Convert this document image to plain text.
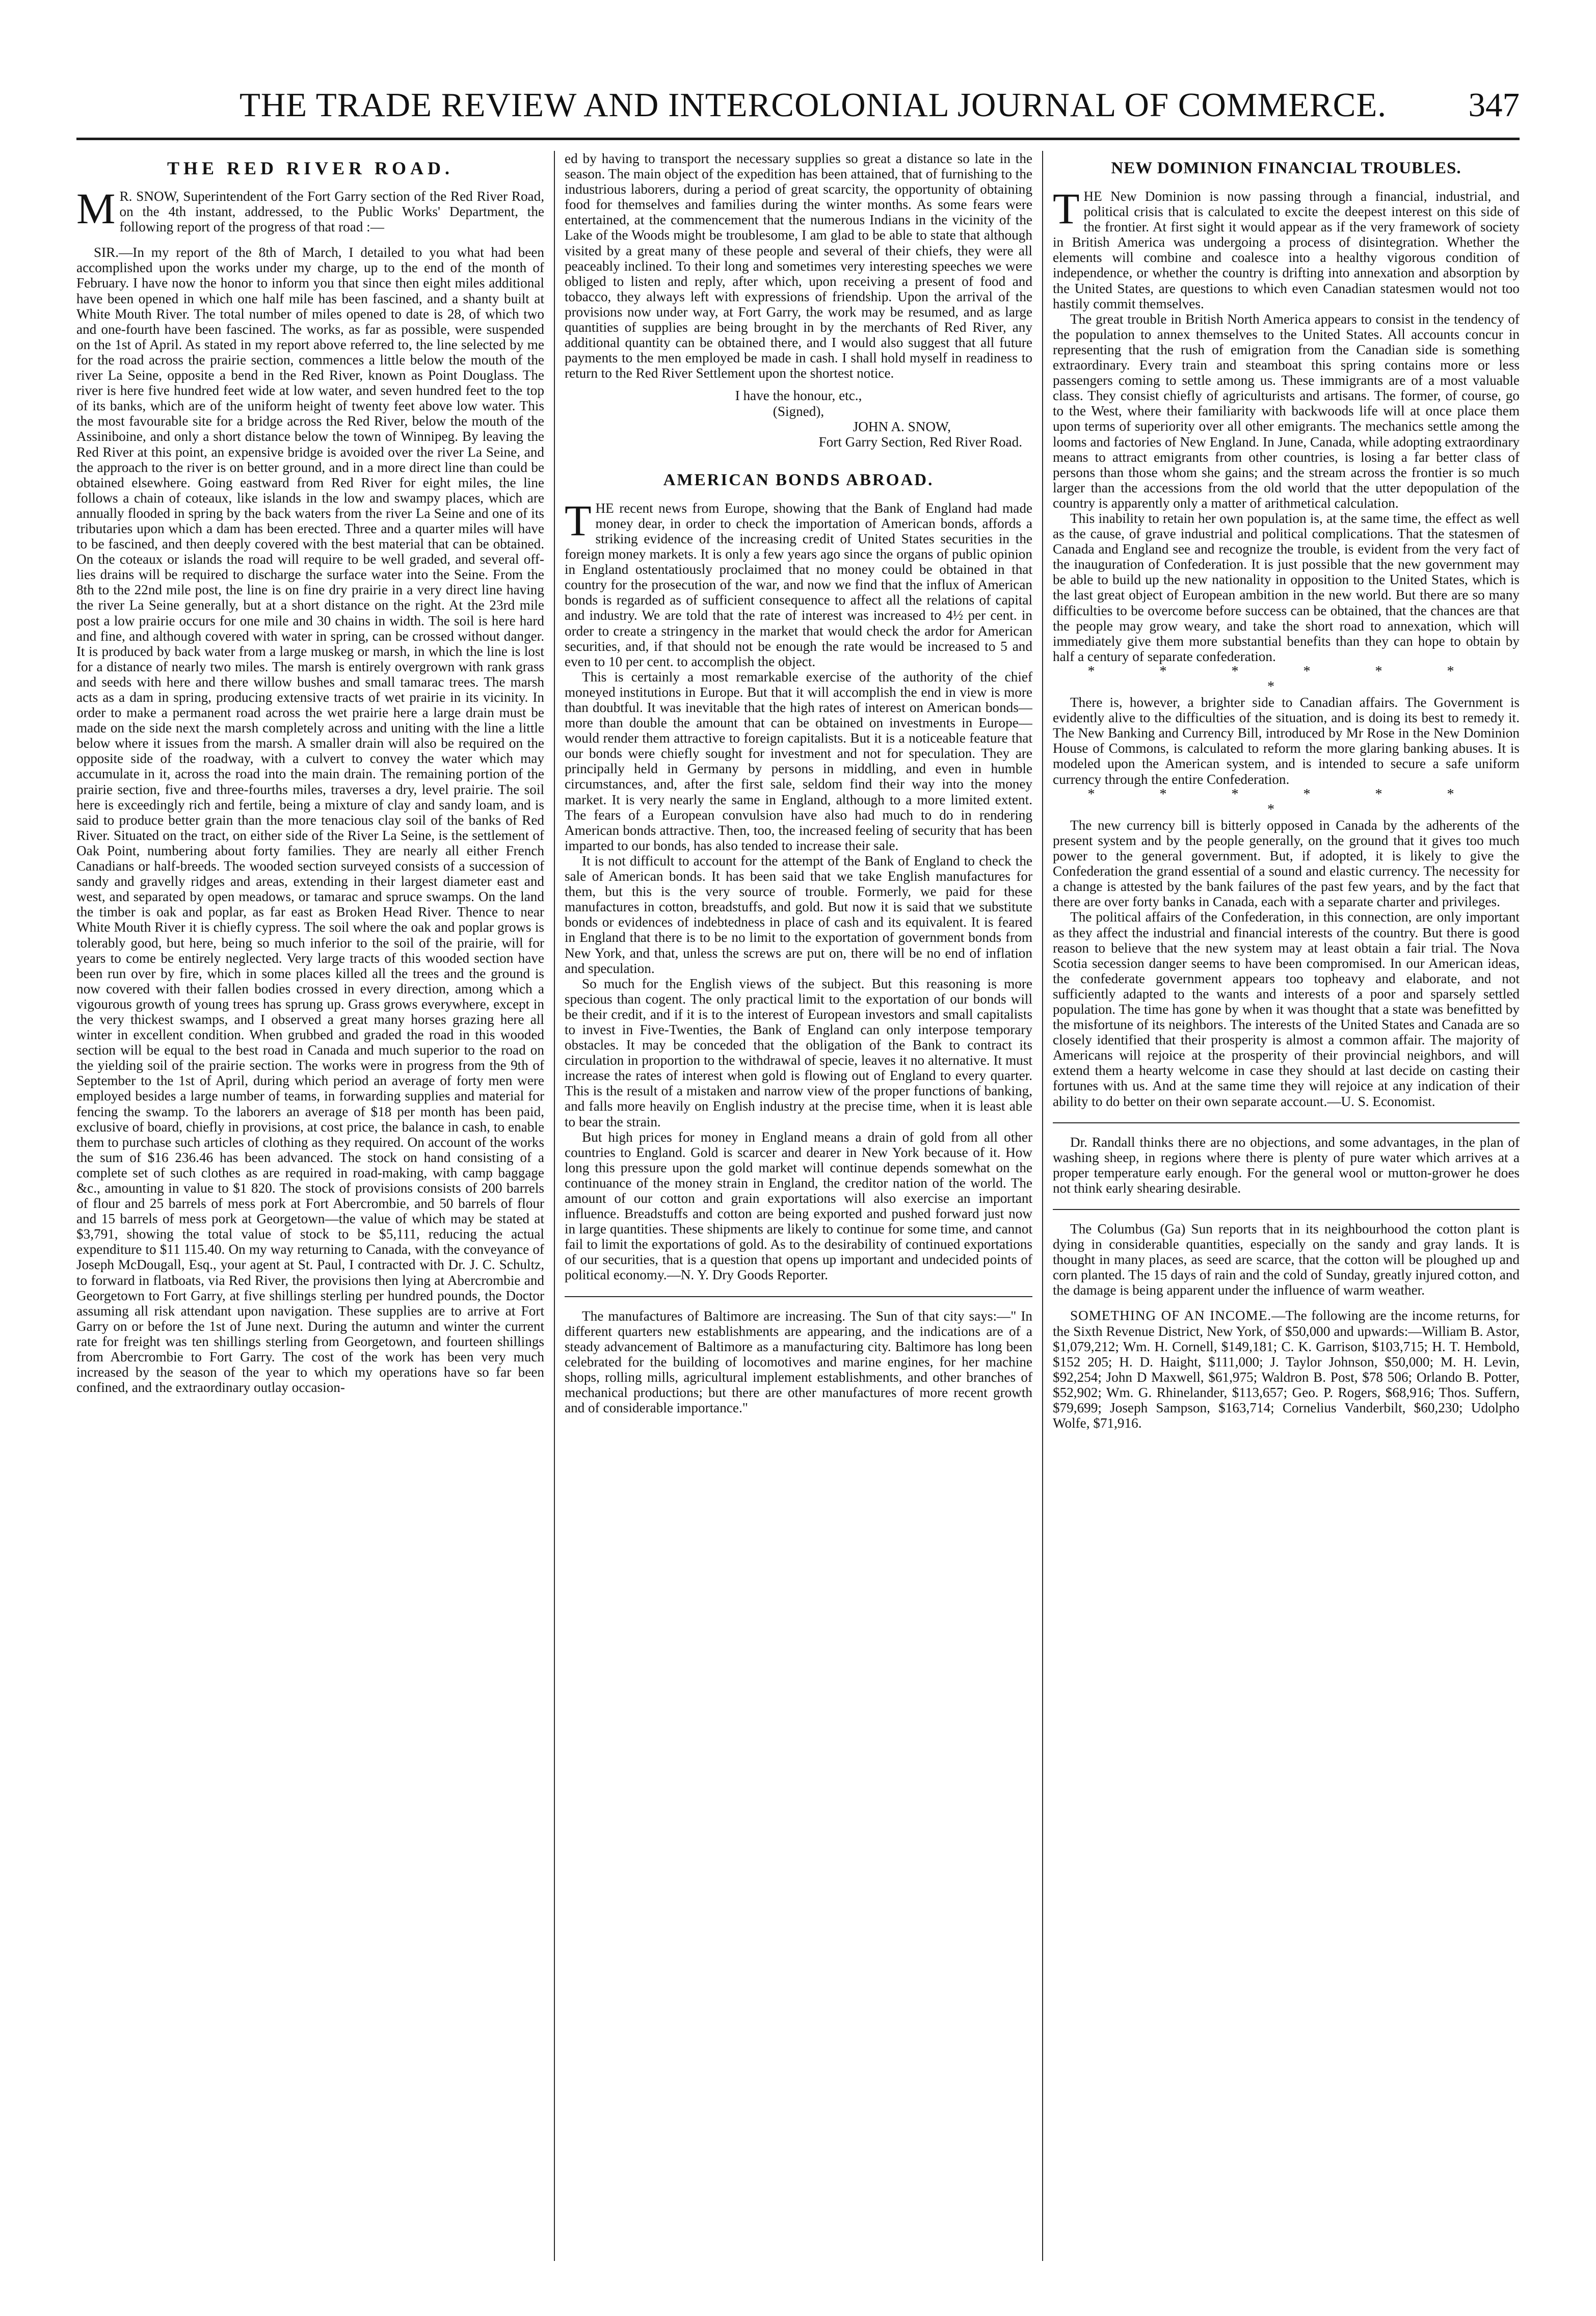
THE TRADE REVIEW AND INTERCOLONIAL JOURNAL OF COMMERCE. 347
THE RED RIVER ROAD.

M R. SNOW, Superintendent of the Fort Garry section of the Red River Road, on the 4th instant, addressed, to the Public Works' Department, the following report of the progress of that road :—

SIR.—In my report of the 8th of March, I detailed to you what had been accomplished upon the works under my charge, up to the end of the month of February. I have now the honor to inform you that since then eight miles additional have been opened in which one half mile has been fascined, and a shanty built at White Mouth River. The total number of miles opened to date is 28, of which two and one-fourth have been fascined. The works, as far as possible, were suspended on the 1st of April. As stated in my report above referred to, the line selected by me for the road across the prairie section, commences a little below the mouth of the river La Seine, opposite a bend in the Red River, known as Point Douglass. The river is here five hundred feet wide at low water, and seven hundred feet to the top of its banks, which are of the uniform height of twenty feet above low water. This the most favourable site for a bridge across the Red River, below the mouth of the Assiniboine, and only a short distance below the town of Winnipeg. By leaving the Red River at this point, an expensive bridge is avoided over the river La Seine, and the approach to the river is on better ground, and in a more direct line than could be obtained elsewhere. Going eastward from Red River for eight miles, the line follows a chain of coteaux, like islands in the low and swampy places, which are annually flooded in spring by the back waters from the river La Seine and one of its tributaries upon which a dam has been erected. Three and a quarter miles will have to be fascined, and then deeply covered with the best material that can be obtained. On the coteaux or islands the road will require to be well graded, and several off-lies drains will be required to discharge the surface water into the Seine. From the 8th to the 22nd mile post, the line is on fine dry prairie in a very direct line having the river La Seine generally, but at a short distance on the right. At the 23rd mile post a low prairie occurs for one mile and 30 chains in width. The soil is here hard and fine, and although covered with water in spring, can be crossed without danger. It is produced by back water from a large muskeg or marsh, in which the line is lost for a distance of nearly two miles. The marsh is entirely overgrown with rank grass and seeds with here and there willow bushes and small tamarac trees. The marsh acts as a dam in spring, producing extensive tracts of wet prairie in its vicinity. In order to make a permanent road across the wet prairie here a large drain must be made on the side next the marsh completely across and uniting with the line a little below where it issues from the marsh. A smaller drain will also be required on the opposite side of the roadway, with a culvert to convey the water which may accumulate in it, across the road into the main drain. The remaining portion of the prairie section, five and three-fourths miles, traverses a dry, level prairie. The soil here is exceedingly rich and fertile, being a mixture of clay and sandy loam, and is said to produce better grain than the more tenacious clay soil of the banks of Red River. Situated on the tract, on either side of the River La Seine, is the settlement of Oak Point, numbering about forty families. They are nearly all either French Canadians or half-breeds. The wooded section surveyed consists of a succession of sandy and gravelly ridges and areas, extending in their largest diameter east and west, and separated by open meadows, or tamarac and spruce swamps. On the land the timber is oak and poplar, as far east as Broken Head River. Thence to near White Mouth River it is chiefly cypress. The soil where the oak and poplar grows is tolerably good, but here, being so much inferior to the soil of the prairie, will for years to come be entirely neglected. Very large tracts of this wooded section have been run over by fire, which in some places killed all the trees and the ground is now covered with their fallen bodies crossed in every direction, among which a vigourous growth of young trees has sprung up. Grass grows everywhere, except in the very thickest swamps, and I observed a great many horses grazing here all winter in excellent condition. When grubbed and graded the road in this wooded section will be equal to the best road in Canada and much superior to the road on the yielding soil of the prairie section. The works were in progress from the 9th of September to the 1st of April, during which period an average of forty men were employed besides a large number of teams, in forwarding supplies and material for fencing the swamp. To the laborers an average of $18 per month has been paid, exclusive of board, chiefly in provisions, at cost price, the balance in cash, to enable them to purchase such articles of clothing as they required. On account of the works the sum of $16 236.46 has been advanced. The stock on hand consisting of a complete set of such clothes as are required in road-making, with camp baggage &c., amounting in value to $1 820. The stock of provisions consists of 200 barrels of flour and 25 barrels of mess pork at Fort Abercrombie, and 50 barrels of flour and 15 barrels of mess pork at Georgetown—the value of which may be stated at $3,791, showing the total value of stock to be $5,111, reducing the actual expenditure to $11 115.40. On my way returning to Canada, with the conveyance of Joseph McDougall, Esq., your agent at St. Paul, I contracted with Dr. J. C. Schultz, to forward in flatboats, via Red River, the provisions then lying at Abercrombie and Georgetown to Fort Garry, at five shillings sterling per hundred pounds, the Doctor assuming all risk attendant upon navigation. These supplies are to arrive at Fort Garry on or before the 1st of June next. During the autumn and winter the current rate for freight was ten shillings sterling from Georgetown, and fourteen shillings from Abercrombie to Fort Garry. The cost of the work has been very much increased by the season of the year to which my operations have so far been confined, and the extraordinary outlay occasion-

ed by having to transport the necessary supplies so great a distance so late in the season. The main object of the expedition has been attained, that of furnishing to the industrious laborers, during a period of great scarcity, the opportunity of obtaining food for themselves and families during the winter months. As some fears were entertained, at the commencement that the numerous Indians in the vicinity of the Lake of the Woods might be troublesome, I am glad to be able to state that although visited by a great many of these people and several of their chiefs, they were all peaceably inclined. To their long and sometimes very interesting speeches we were obliged to listen and reply, after which, upon receiving a present of food and tobacco, they always left with expressions of friendship. Upon the arrival of the provisions now under way, at Fort Garry, the work may be resumed, and as large quantities of supplies are being brought in by the merchants of Red River, any additional quantity can be obtained there, and I would also suggest that all future payments to the men employed be made in cash. I shall hold myself in readiness to return to the Red River Settlement upon the shortest notice.

I have the honour, etc.,

(Signed),

JOHN A. SNOW,

Fort Garry Section, Red River Road.

AMERICAN BONDS ABROAD.

THE recent news from Europe, showing that the Bank of England had made money dear, in order to check the importation of American bonds, affords a striking evidence of the increasing credit of United States securities in the foreign money markets. It is only a few years ago since the organs of public opinion in England ostentatiously proclaimed that no money could be obtained in that country for the prosecution of the war, and now we find that the influx of American bonds is regarded as of sufficient consequence to affect all the relations of capital and industry. We are told that the rate of interest was increased to 4½ per cent. in order to create a stringency in the market that would check the ardor for American securities, and, if that should not be enough the rate would be increased to 5 and even to 10 per cent. to accomplish the object.

This is certainly a most remarkable exercise of the authority of the chief moneyed institutions in Europe. But that it will accomplish the end in view is more than doubtful. It was inevitable that the high rates of interest on American bonds—more than double the amount that can be obtained on investments in Europe—would render them attractive to foreign capitalists. But it is a noticeable feature that our bonds were chiefly sought for investment and not for speculation. They are principally held in Germany by persons in middling, and even in humble circumstances, and, after the first sale, seldom find their way into the money market. It is very nearly the same in England, although to a more limited extent. The fears of a European convulsion have also had much to do in rendering American bonds attractive. Then, too, the increased feeling of security that has been imparted to our bonds, has also tended to increase their sale.

It is not difficult to account for the attempt of the Bank of England to check the sale of American bonds. It has been said that we take English manufactures for them, but this is the very source of trouble. Formerly, we paid for these manufactures in cotton, breadstuffs, and gold. But now it is said that we substitute bonds or evidences of indebtedness in place of cash and its equivalent. It is feared in England that there is to be no limit to the exportation of government bonds from New York, and that, unless the screws are put on, there will be no end of inflation and speculation.

So much for the English views of the subject. But this reasoning is more specious than cogent. The only practical limit to the exportation of our bonds will be their credit, and if it is to the interest of European investors and small capitalists to invest in Five-Twenties, the Bank of England can only interpose temporary obstacles. It may be conceded that the obligation of the Bank to contract its circulation in proportion to the withdrawal of specie, leaves it no alternative. It must increase the rates of interest when gold is flowing out of England to every quarter. This is the result of a mistaken and narrow view of the proper functions of banking, and falls more heavily on English industry at the precise time, when it is least able to bear the strain.

But high prices for money in England means a drain of gold from all other countries to England. Gold is scarcer and dearer in New York because of it. How long this pressure upon the gold market will continue depends somewhat on the continuance of the money strain in England, the creditor nation of the world. The amount of our cotton and grain exportations will also exercise an important influence. Breadstuffs and cotton are being exported and pushed forward just now in large quantities. These shipments are likely to continue for some time, and cannot fail to limit the exportations of gold. As to the desirability of continued exportations of our securities, that is a question that opens up important and undecided points of political economy.—N. Y. Dry Goods Reporter.

The manufactures of Baltimore are increasing. The Sun of that city says:—" In different quarters new establishments are appearing, and the indications are of a steady advancement of Baltimore as a manufacturing city. Baltimore has long been celebrated for the building of locomotives and marine engines, for her machine shops, rolling mills, agricultural implement establishments, and other branches of mechanical productions; but there are other manufactures of more recent growth and of considerable importance."

NEW DOMINION FINANCIAL TROUBLES.

THE New Dominion is now passing through a financial, industrial, and political crisis that is calculated to excite the deepest interest on this side of the frontier. At first sight it would appear as if the very framework of society in British America was undergoing a process of disintegration. Whether the elements will combine and coalesce into a healthy vigorous condition of independence, or whether the country is drifting into annexation and absorption by the United States, are questions to which even Canadian statesmen would not too hastily commit themselves.

The great trouble in British North America appears to consist in the tendency of the population to annex themselves to the United States. All accounts concur in representing that the rush of emigration from the Canadian side is something extraordinary. Every train and steamboat this spring contains more or less passengers coming to settle among us. These immigrants are of a most valuable class. They consist chiefly of agriculturists and artisans. The former, of course, go to the West, where their familiarity with backwoods life will at once place them upon terms of superiority over all other emigrants. The mechanics settle among the looms and factories of New England. In June, Canada, while adopting extraordinary means to attract emigrants from other countries, is losing a far better class of persons than those whom she gains; and the stream across the frontier is so much larger than the accessions from the old world that the utter depopulation of the country is apparently only a matter of arithmetical calculation.

This inability to retain her own population is, at the same time, the effect as well as the cause, of grave industrial and political complications. That the statesmen of Canada and England see and recognize the trouble, is evident from the very fact of the inauguration of Confederation. It is just possible that the new government may be able to build up the new nationality in opposition to the United States, which is the last great object of European ambition in the new world. But there are so many difficulties to be overcome before success can be obtained, that the chances are that the people may grow weary, and take the short road to annexation, which will immediately give them more substantial benefits than they can hope to obtain by half a century of separate confederation.

* * * * * * *

There is, however, a brighter side to Canadian affairs. The Government is evidently alive to the difficulties of the situation, and is doing its best to remedy it. The New Banking and Currency Bill, introduced by Mr Rose in the New Dominion House of Commons, is calculated to reform the more glaring banking abuses. It is modeled upon the American system, and is intended to secure a safe uniform currency through the entire Confederation.

* * * * * * *

The new currency bill is bitterly opposed in Canada by the adherents of the present system and by the people generally, on the ground that it gives too much power to the general government. But, if adopted, it is likely to give the Confederation the grand essential of a sound and elastic currency. The necessity for a change is attested by the bank failures of the past few years, and by the fact that there are over forty banks in Canada, each with a separate charter and privileges.

The political affairs of the Confederation, in this connection, are only important as they affect the industrial and financial interests of the country. But there is good reason to believe that the new system may at least obtain a fair trial. The Nova Scotia secession danger seems to have been compromised. In our American ideas, the confederate government appears too topheavy and elaborate, and not sufficiently adapted to the wants and interests of a poor and sparsely settled population. The time has gone by when it was thought that a state was benefitted by the misfortune of its neighbors. The interests of the United States and Canada are so closely identified that their prosperity is almost a common affair. The majority of Americans will rejoice at the prosperity of their provincial neighbors, and will extend them a hearty welcome in case they should at last decide on casting their fortunes with us. And at the same time they will rejoice at any indication of their ability to do better on their own separate account.—U. S. Economist.

Dr. Randall thinks there are no objections, and some advantages, in the plan of washing sheep, in regions where there is plenty of pure water which arrives at a proper temperature early enough. For the general wool or mutton-grower he does not think early shearing desirable.

The Columbus (Ga) Sun reports that in its neighbourhood the cotton plant is dying in considerable quantities, especially on the sandy and gray lands. It is thought in many places, as seed are scarce, that the cotton will be ploughed up and corn planted. The 15 days of rain and the cold of Sunday, greatly injured cotton, and the damage is being apparent under the influence of warm weather.

SOMETHING OF AN INCOME.—The following are the income returns, for the Sixth Revenue District, New York, of $50,000 and upwards:—William B. Astor, $1,079,212; Wm. H. Cornell, $149,181; C. K. Garrison, $103,715; H. T. Hembold, $152 205; H. D. Haight, $111,000; J. Taylor Johnson, $50,000; M. H. Levin, $92,254; John D Maxwell, $61,975; Waldron B. Post, $78 506; Orlando B. Potter, $52,902; Wm. G. Rhinelander, $113,657; Geo. P. Rogers, $68,916; Thos. Suffern, $79,699; Joseph Sampson, $163,714; Cornelius Vanderbilt, $60,230; Udolpho Wolfe, $71,916.
